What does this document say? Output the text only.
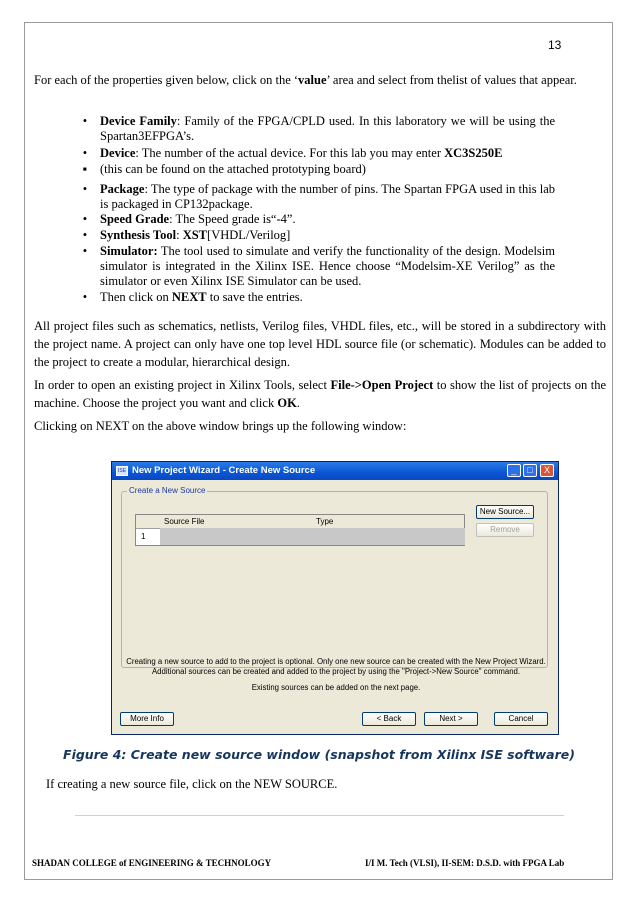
13
For each of the properties given below, click on the ‘value’ area and select from thelist of values that appear.
•	Device Family: Family of the FPGA/CPLD used. In this laboratory we will be using the Spartan3EFPGA’s.
•	Device: The number of the actual device. For this lab you may enter XC3S250E
▪	(this can be found on the attached prototyping board)
•	Package: The type of package with the number of pins. The Spartan FPGA used in this lab is packaged in CP132package.
•	Speed Grade: The Speed grade is“-4”.
•	Synthesis Tool: XST[VHDL/Verilog]
•	Simulator: The tool used to simulate and verify the functionality of the design. Modelsim simulator is integrated in the Xilinx ISE. Hence choose “Modelsim-XE Verilog” as the simulator or even Xilinx ISE Simulator can be used.
•	Then click on NEXT to save the entries.
All project files such as schematics, netlists, Verilog files, VHDL files, etc., will be stored in a subdirectory with the project name. A project can only have one top level HDL source file (or schematic). Modules can be added to the project to create a modular, hierarchical design.
In order to open an existing project in Xilinx Tools, select File->Open Project to show the list of projects on the machine. Choose the project you want and click OK.
Clicking on NEXT on the above window brings up the following window:
ISE New Project Wizard - Create New Source	_	□	X
Create a New Source
Source File	Type
1
New Source...
Remove
Creating a new source to add to the project is optional. Only one new source can be created with the New Project Wizard.
Additional sources can be created and added to the project by using the "Project->New Source" command.
Existing sources can be added on the next page.
More Info	< Back	Next >	Cancel
Figure 4: Create new source window (snapshot from Xilinx ISE software)
If creating a new source file, click on the NEW SOURCE.
SHADAN COLLEGE of ENGINEERING & TECHNOLOGY	I/I M. Tech (VLSI), II-SEM: D.S.D. with FPGA Lab
